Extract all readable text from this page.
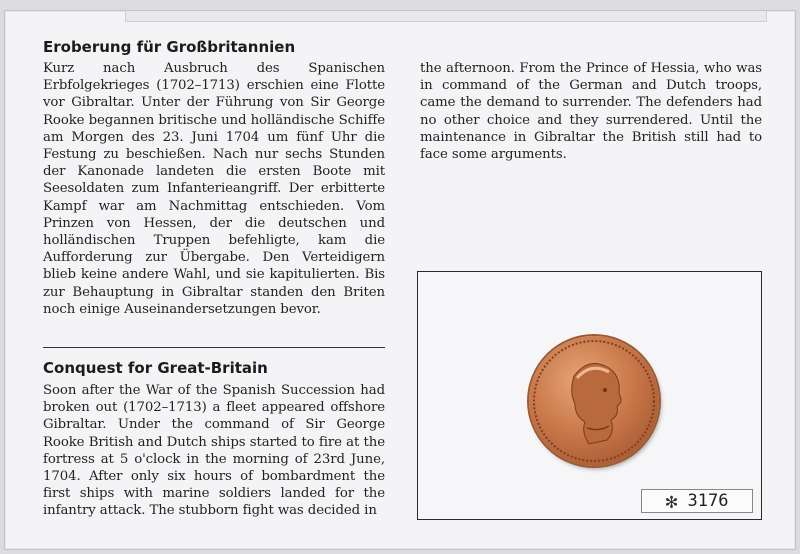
Eroberung für Großbritannien

Kurz nach Ausbruch des Spanischen Erbfolgekrieges (1702–1713) erschien eine Flotte vor Gibraltar. Unter der Führung von Sir George Rooke begannen britische und holländische Schiffe am Morgen des 23. Juni 1704 um fünf Uhr die Festung zu beschießen. Nach nur sechs Stunden der Kanonade landeten die ersten Boote mit Seesoldaten zum Infanterieangriff. Der erbitterte Kampf war am Nachmittag entschieden. Vom Prinzen von Hessen, der die deutschen und holländischen Truppen befehligte, kam die Aufforderung zur Übergabe. Den Verteidigern blieb keine andere Wahl, und sie kapitulierten. Bis zur Behauptung in Gibraltar standen den Briten noch einige Auseinandersetzungen bevor.

Conquest for Great-Britain

Soon after the War of the Spanish Succession had broken out (1702–1713) a fleet appeared offshore Gibraltar. Under the command of Sir George Rooke British and Dutch ships started to fire at the fortress at 5 o'clock in the morning of 23rd June, 1704. After only six hours of bombardment the first ships with marine soldiers landed for the infantry attack. The stubborn fight was decided in

the afternoon. From the Prince of Hessia, who was in command of the German and Dutch troops, came the demand to surrender. The defenders had no other choice and they surrendered. Until the maintenance in Gibraltar the British still had to face some arguments.

✻ 3176
